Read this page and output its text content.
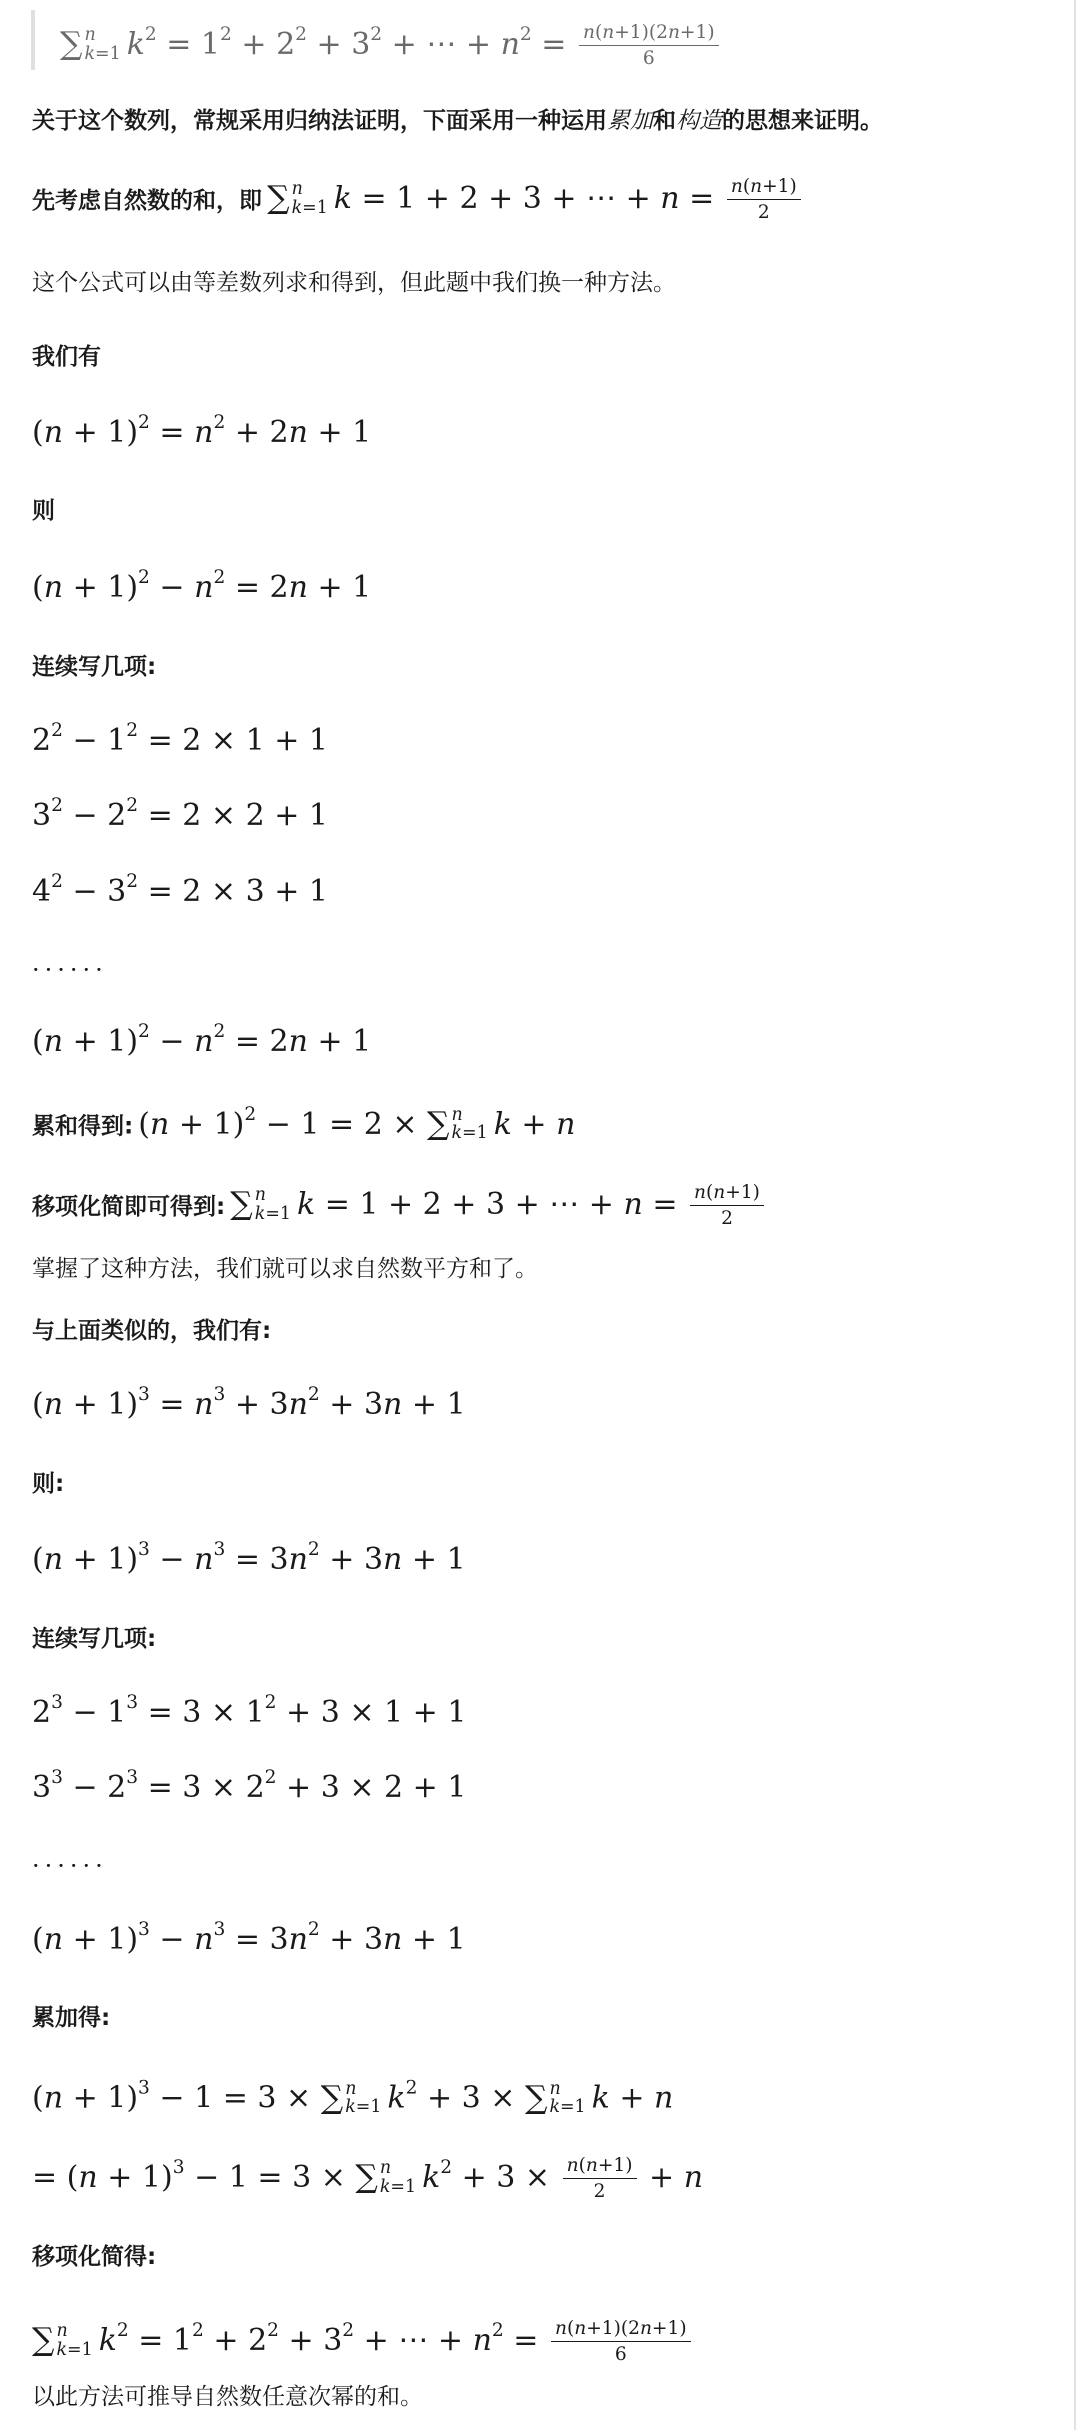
∑ n
k=1 $k^2 = 1^2 + 2^2 + 3^2$ + ⋯ + $n^2 = \frac{n(n+1)(2n+1)}{6}$
关于这个数列，常规采用归纳法证明，下面采用一种运用累加和构造的思想来证明。
先考虑自然数的和，即 ∑ n
k=1 k = 1 + 2 + 3 + ⋯ + $n = \frac{n(n+1)}{2}$
这个公式可以由等差数列求和得到，但此题中我们换一种方法。
我们有
$(n + 1)^2 = n^2 + 2n + 1$
则
$(n + 1)^2 - n^2 = 2n + 1$
连续写几项:
$2^2 - 1^2 = 2 \times 1 + 1$
$3^2 - 2^2 = 2 \times 2 + 1$
$4^2 - 3^2 = 2 \times 3 + 1$
······
$(n + 1)^2 - n^2 = 2n + 1$
累和得到: $(n + 1)^2 - 1 = 2$ × ∑ n
k=1 k + n
移项化简即可得到: ∑ n
k=1 k = 1 + 2 + 3 + ⋯ + $n = \frac{n(n+1)}{2}$
掌握了这种方法，我们就可以求自然数平方和了。
与上面类似的，我们有:
$(n + 1)^3 = n^3 + 3n^2 + 3n + 1$
则:
$(n + 1)^3 - n^3 = 3n^2 + 3n + 1$
连续写几项:
$2^3 - 1^3 = 3 \times 1^2 + 3 \times 1 + 1$
$3^3 - 2^3 = 3 \times 2^2 + 3 \times 2 + 1$
······
$(n + 1)^3 - n^3 = 3n^2 + 3n + 1$
累加得:
$(n + 1)^3 - 1 = 3$ × ∑ n
k=1 $k^2 + 3$ × ∑ n
k=1 k + n
= $(n + 1)^3 - 1 = 3$ × ∑ n
k=1 $k^2 + 3 \times \frac{n(n+1)}{2} + n$
移项化简得:
∑ n
k=1 $k^2 = 1^2 + 2^2 + 3^2$ + ⋯ + $n^2 = \frac{n(n+1)(2n+1)}{6}$
以此方法可推导自然数任意次幂的和。
